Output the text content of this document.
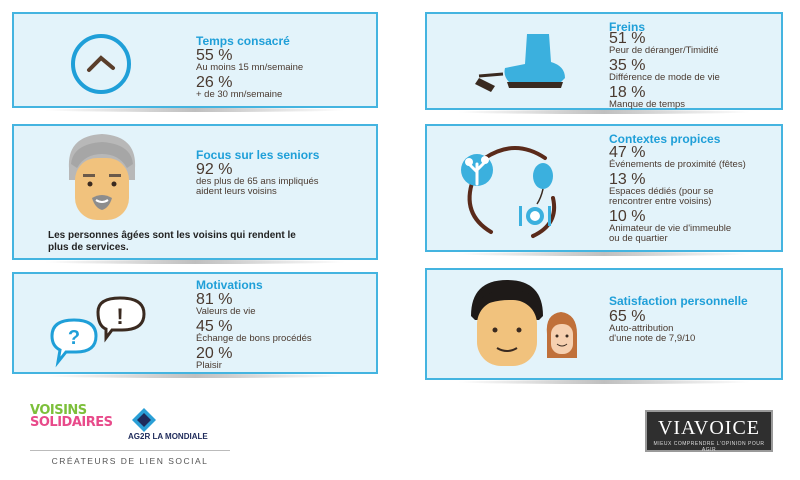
Temps consacré
55 %
Au moins 15 mn/semaine
26 %
+ de 30 mn/semaine
Focus sur les seniors
92 %
des plus de 65 ans impliqués
aident leurs voisins
Les personnes âgées sont les voisins qui rendent le
plus de services.
!
?
Motivations
81 %
Valeurs de vie
45 %
Échange de bons procédés
20 %
Plaisir
Freins
51 %
Peur de déranger/Timidité
35 %
Différence de mode de vie
18 %
Manque de temps
Contextes propices
47 %
Événements de proximité (fêtes)
13 %
Espaces dédiés (pour se
rencontrer entre voisins)
10 %
Animateur de vie d'immeuble
ou de quartier
Satisfaction personnelle
65 %
Auto-attribution
d'une note de 7,9/10
VOISINS
SOLIDAIRES
AG2R LA MONDIALE
CRÉATEURS DE LIEN SOCIAL
VIAVOICE
MIEUX COMPRENDRE L'OPINION POUR AGIR
